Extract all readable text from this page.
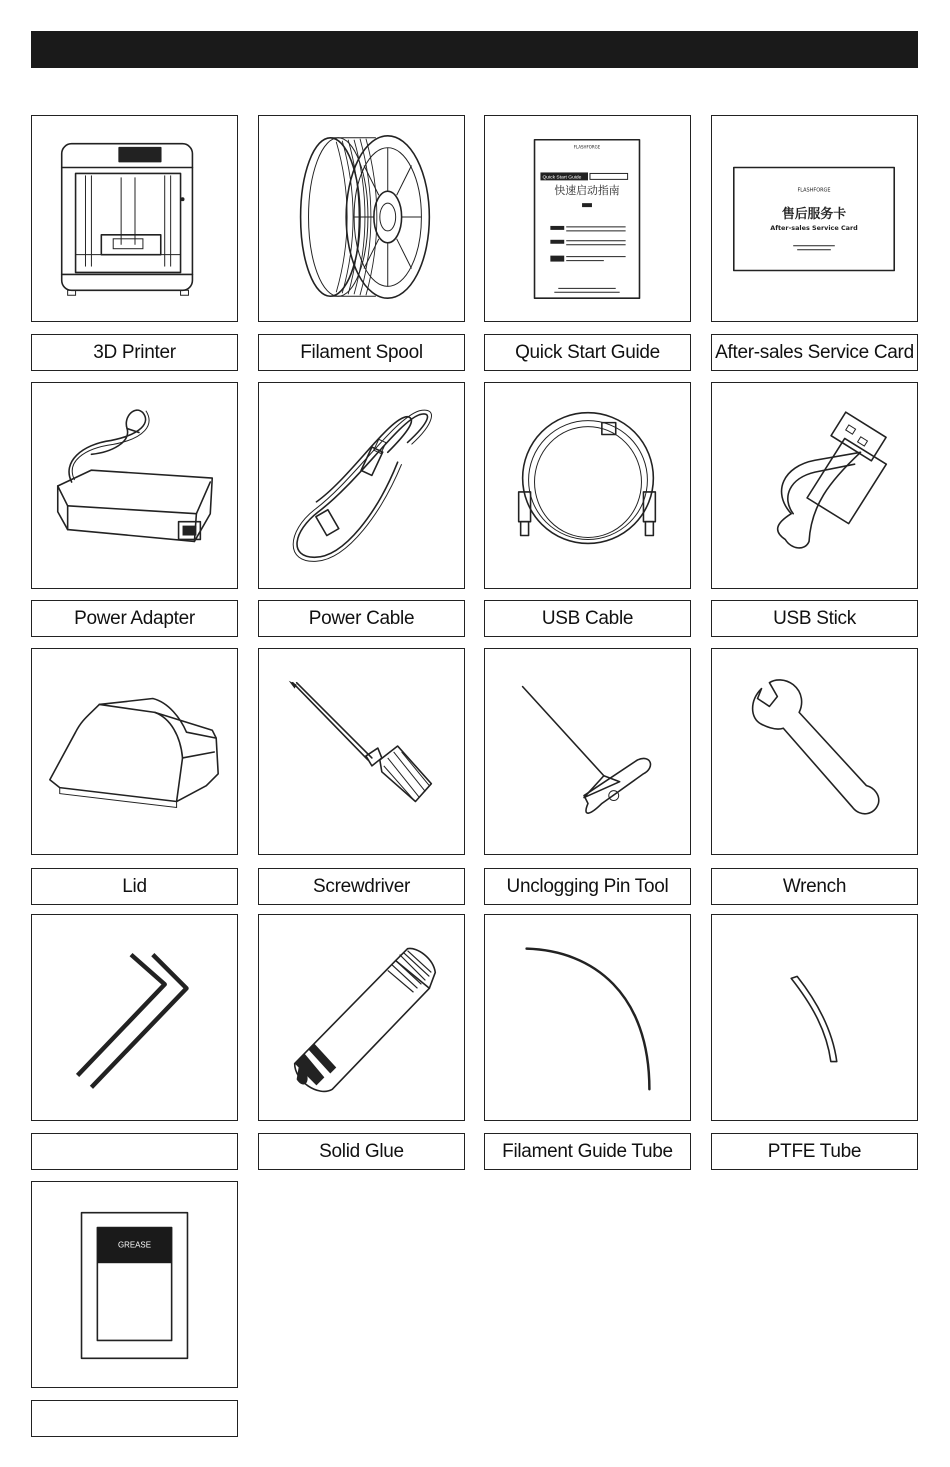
3D Printer	Filament Spool
FLASHFORGE
Quick Start Guide
快速启动指南
Quick Start Guide
FLASHFORGE
售后服务卡
After-sales Service Card
After-sales Service Card
Power Adapter	Power Cable	USB Cable	USB Stick
Lid	Screwdriver	Unclogging Pin Tool	Wrench
Solid Glue	Filament Guide Tube	PTFE Tube
GREASE
